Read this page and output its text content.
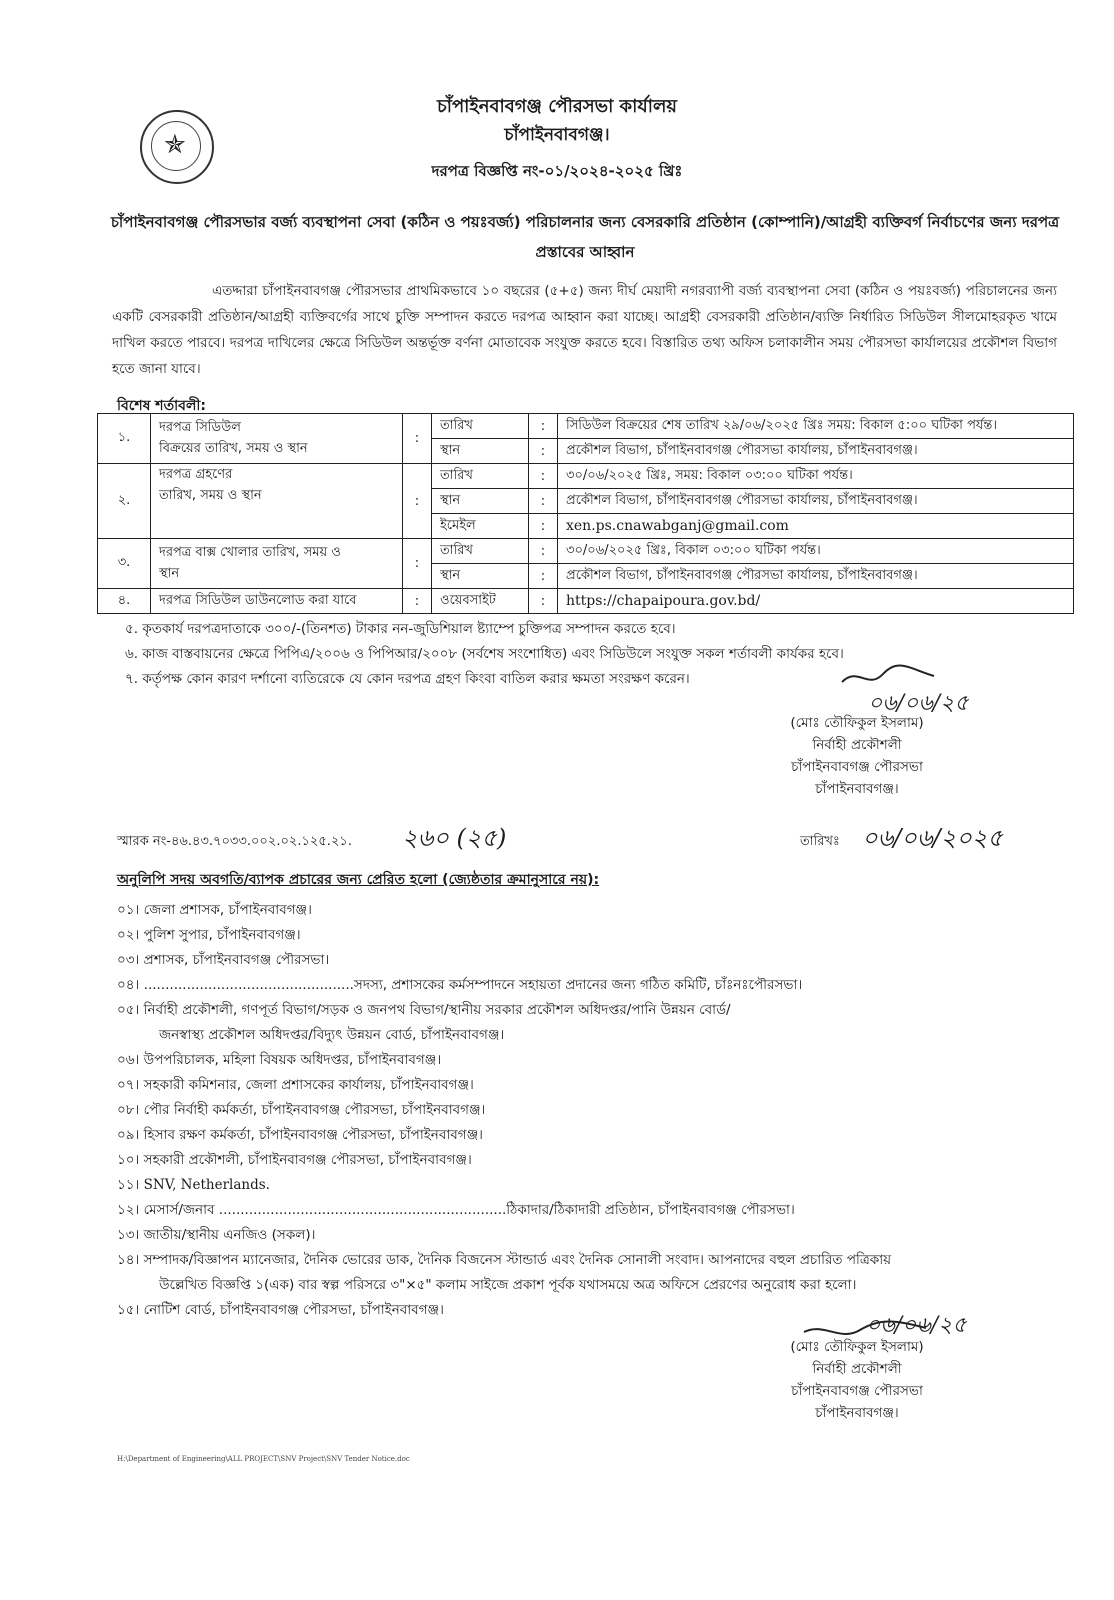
✯
চাঁপাইনবাবগঞ্জ পৌরসভা কার্যালয়
চাঁপাইনবাবগঞ্জ।
দরপত্র বিজ্ঞপ্তি নং-০১/২০২৪-২০২৫ খ্রিঃ
চাঁপাইনবাবগঞ্জ পৌরসভার বর্জ্য ব্যবস্থাপনা সেবা (কঠিন ও পয়ঃবর্জ্য) পরিচালনার জন্য বেসরকারি প্রতিষ্ঠান (কোম্পানি)/আগ্রহী ব্যক্তিবর্গ নির্বাচণের জন্য দরপত্র প্রস্তাবের আহ্বান
এতদ্দারা চাঁপাইনবাবগঞ্জ পৌরসভার প্রাথমিকভাবে ১০ বছরের (৫+৫) জন্য দীর্ঘ মেয়াদী নগরব্যাপী বর্জ্য ব্যবস্থাপনা সেবা (কঠিন ও পয়ঃবর্জ্য) পরিচালনের জন্য একটি বেসরকারী প্রতিষ্ঠান/আগ্রহী ব্যক্তিবর্গের সাথে চুক্তি সম্পাদন করতে দরপত্র আহ্বান করা যাচ্ছে। আগ্রহী বেসরকারী প্রতিষ্ঠান/ব্যক্তি নির্ধারিত সিডিউল সীলমোহরকৃত খামে দাখিল করতে পারবে। দরপত্র দাখিলের ক্ষেত্রে সিডিউল অন্তর্ভূক্ত বর্ণনা মোতাবেক সংযুক্ত করতে হবে। বিস্তারিত তথ্য অফিস চলাকালীন সময় পৌরসভা কার্যালয়ের প্রকৌশল বিভাগ হতে জানা যাবে।
বিশেষ শর্তাবলী:
১.	দরপত্র সিডিউল
বিক্রয়ের তারিখ, সময় ও স্থান	:	তারিখ	:	সিডিউল বিক্রয়ের শেষ তারিখ ২৯/০৬/২০২৫ খ্রিঃ সময়: বিকাল ৫:০০ ঘটিকা পর্যন্ত।
			স্থান	:	প্রকৌশল বিভাগ, চাঁপাইনবাবগঞ্জ পৌরসভা কার্যালয়, চাঁপাইনবাবগঞ্জ।
২.	দরপত্র গ্রহণের
তারিখ, সময় ও স্থান	:	তারিখ	:	৩০/০৬/২০২৫ খ্রিঃ, সময়: বিকাল ০৩:০০ ঘটিকা পর্যন্ত।
			স্থান	:	প্রকৌশল বিভাগ, চাঁপাইনবাবগঞ্জ পৌরসভা কার্যালয়, চাঁপাইনবাবগঞ্জ।
			ইমেইল	:	xen.ps.cnawabganj@gmail.com
৩.	দরপত্র বাক্স খোলার তারিখ, সময় ও
স্থান	:	তারিখ	:	৩০/০৬/২০২৫ খ্রিঃ, বিকাল ০৩:০০ ঘটিকা পর্যন্ত।
			স্থান	:	প্রকৌশল বিভাগ, চাঁপাইনবাবগঞ্জ পৌরসভা কার্যালয়, চাঁপাইনবাবগঞ্জ।
৪.	দরপত্র সিডিউল ডাউনলোড করা যাবে	:	ওয়েবসাইট	:	https://chapaipoura.gov.bd/
৫. কৃতকার্য দরপত্রদাতাকে ৩০০/-(তিনশত) টাকার নন-জুডিশিয়াল ষ্ট্যাম্পে চুক্তিপত্র সম্পাদন করতে হবে।
৬. কাজ বাস্তবায়নের ক্ষেত্রে পিপিএ/২০০৬ ও পিপিআর/২০০৮ (সর্বশেষ সংশোধিত) এবং সিডিউলে সংযুক্ত সকল শর্তাবলী কার্যকর হবে।
৭. কর্তৃপক্ষ কোন কারণ দর্শানো ব্যতিরেকে যে কোন দরপত্র গ্রহণ কিংবা বাতিল করার ক্ষমতা সংরক্ষণ করেন।
০৬/০৬/২৫
(মোঃ তৌফিকুল ইসলাম)
নির্বাহী প্রকৌশলী
চাঁপাইনবাবগঞ্জ পৌরসভা
চাঁপাইনবাবগঞ্জ।
স্মারক নং-৪৬.৪৩.৭০৩৩.০০২.০২.১২৫.২১. ২৬০ (২৫)	তারিখঃ ০৬/০৬/২০২৫
অনুলিপি সদয় অবগতি/ব্যাপক প্রচারের জন্য প্রেরিত হলো (জ্যেষ্ঠতার ক্রমানুসারে নয়):
০১। জেলা প্রশাসক, চাঁপাইনবাবগঞ্জ।
০২। পুলিশ সুপার, চাঁপাইনবাবগঞ্জ।
০৩। প্রশাসক, চাঁপাইনবাবগঞ্জ পৌরসভা।
০৪। .................................................সদস্য, প্রশাসকের কর্মসম্পাদনে সহায়তা প্রদানের জন্য গঠিত কমিটি, চাঁঃনঃপৌরসভা।
০৫। নির্বাহী প্রকৌশলী, গণপূর্ত বিভাগ/সড়ক ও জনপথ বিভাগ/স্থানীয় সরকার প্রকৌশল অধিদপ্তর/পানি উন্নয়ন বোর্ড/
জনস্বাস্থ্য প্রকৌশল অধিদপ্তর/বিদ্যুৎ উন্নয়ন বোর্ড, চাঁপাইনবাবগঞ্জ।
০৬। উপপরিচালক, মহিলা বিষয়ক অধিদপ্তর, চাঁপাইনবাবগঞ্জ।
০৭। সহকারী কমিশনার, জেলা প্রশাসকের কার্যালয়, চাঁপাইনবাবগঞ্জ।
০৮। পৌর নির্বাহী কর্মকর্তা, চাঁপাইনবাবগঞ্জ পৌরসভা, চাঁপাইনবাবগঞ্জ।
০৯। হিসাব রক্ষণ কর্মকর্তা, চাঁপাইনবাবগঞ্জ পৌরসভা, চাঁপাইনবাবগঞ্জ।
১০। সহকারী প্রকৌশলী, চাঁপাইনবাবগঞ্জ পৌরসভা, চাঁপাইনবাবগঞ্জ।
১১। SNV, Netherlands.
১২। মেসার্স/জনাব ...................................................................ঠিকাদার/ঠিকাদারী প্রতিষ্ঠান, চাঁপাইনবাবগঞ্জ পৌরসভা।
১৩। জাতীয়/স্থানীয় এনজিও (সকল)।
১৪। সম্পাদক/বিজ্ঞাপন ম্যানেজার, দৈনিক ভোরের ডাক, দৈনিক বিজনেস স্টান্ডার্ড এবং দৈনিক সোনালী সংবাদ। আপনাদের বহুল প্রচারিত পত্রিকায়
উল্লেখিত বিজ্ঞপ্তি ১(এক) বার স্বল্প পরিসরে ৩"×৫" কলাম সাইজে প্রকাশ পূর্বক যথাসময়ে অত্র অফিসে প্রেরণের অনুরোধ করা হলো।
১৫। নোটিশ বোর্ড, চাঁপাইনবাবগঞ্জ পৌরসভা, চাঁপাইনবাবগঞ্জ।
০৬/০৬/২৫
(মোঃ তৌফিকুল ইসলাম)
নির্বাহী প্রকৌশলী
চাঁপাইনবাবগঞ্জ পৌরসভা
চাঁপাইনবাবগঞ্জ।
H:\Department of Engineering\ALL PROJECT\SNV Project\SNV Tender Notice.doc
